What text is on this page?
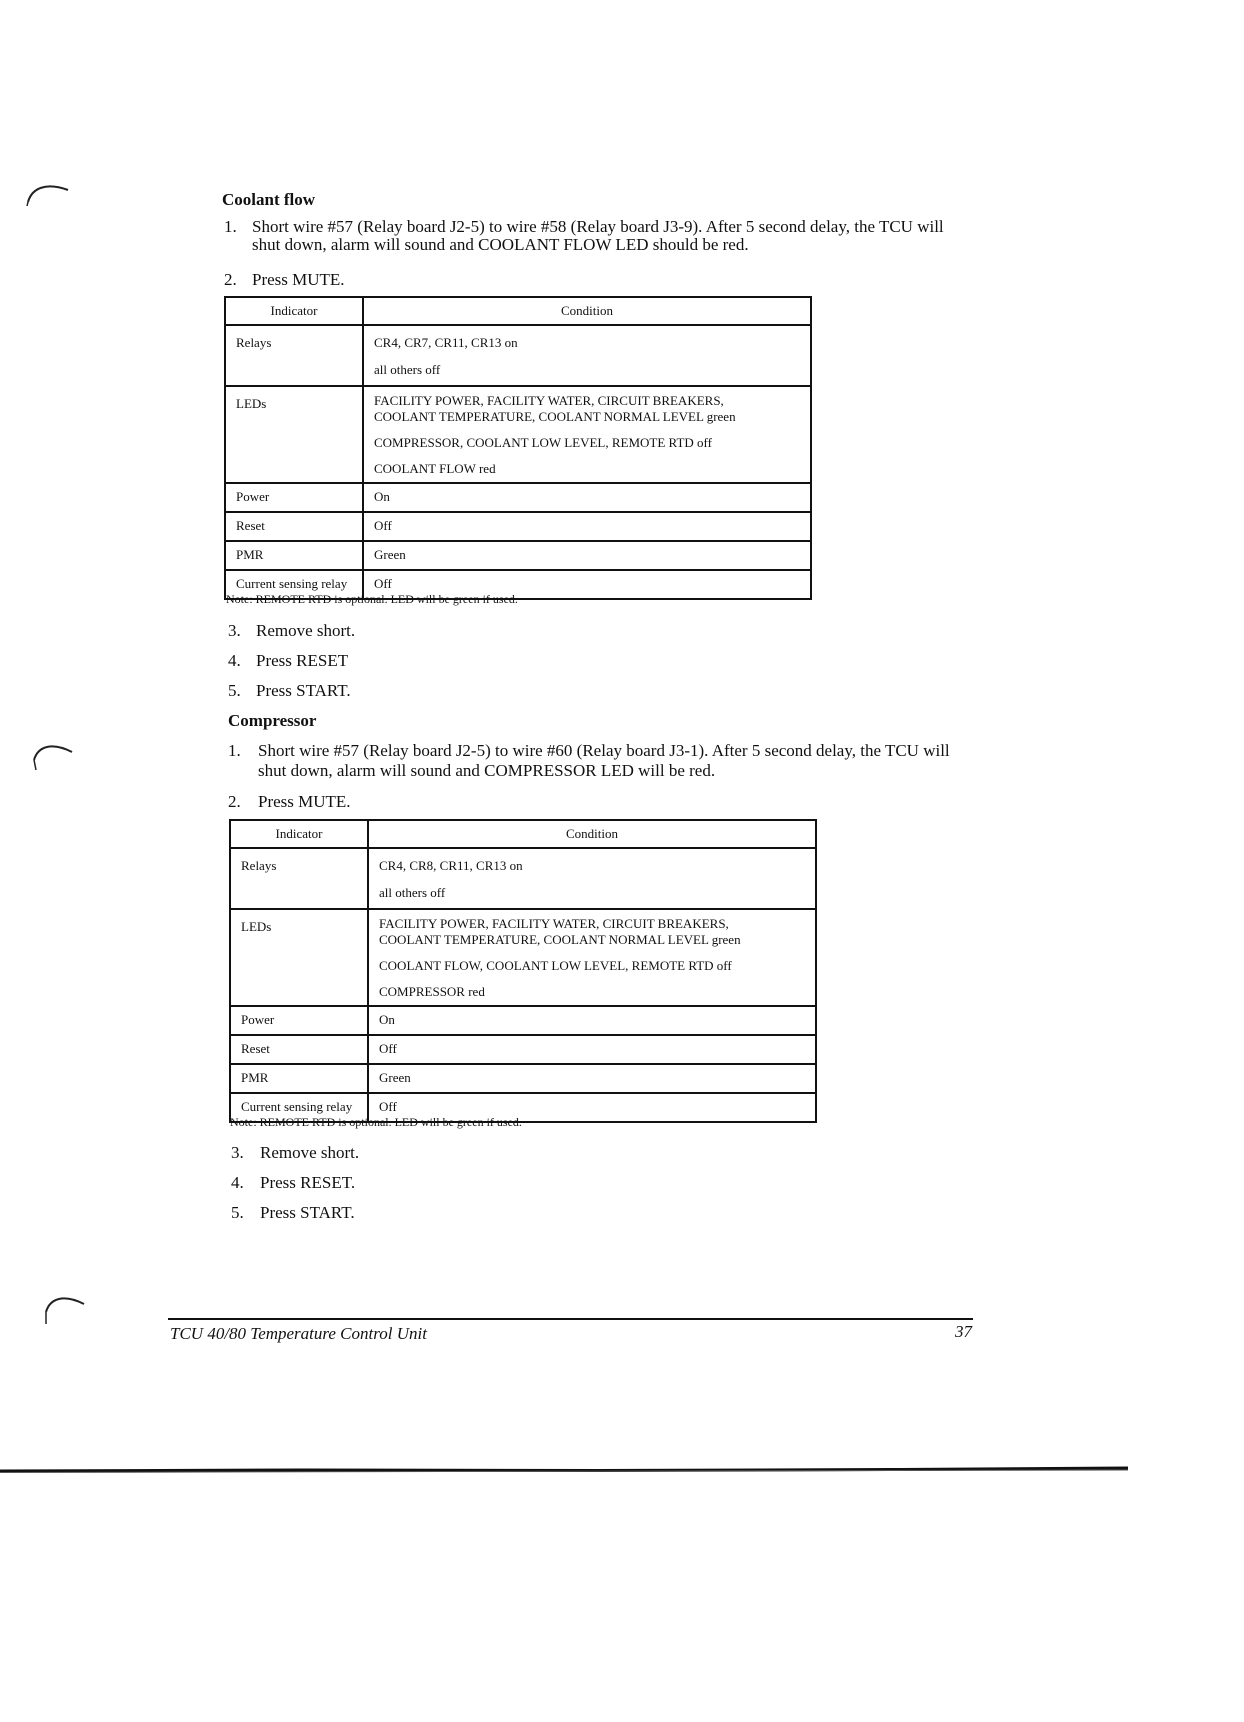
Coolant flow
1. Short wire #57 (Relay board J2-5) to wire #58 (Relay board J3-9). After 5 second delay, the TCU will
shut down, alarm will sound and COOLANT FLOW LED should be red.
2. Press MUTE.
Indicator	Condition
Relays	CR4, CR7, CR11, CR13 on
all others off

LEDs	FACILITY POWER, FACILITY WATER, CIRCUIT BREAKERS,
COOLANT TEMPERATURE, COOLANT NORMAL LEVEL green
COMPRESSOR, COOLANT LOW LEVEL, REMOTE RTD off
COOLANT FLOW red

Power	On
Reset	Off
PMR	Green
Current sensing relay	Off
Note: REMOTE RTD is optional. LED will be green if used.
3. Remove short.
4. Press RESET
5. Press START.
Compressor
1. Short wire #57 (Relay board J2-5) to wire #60 (Relay board J3-1). After 5 second delay, the TCU will
shut down, alarm will sound and COMPRESSOR LED will be red.
2. Press MUTE.
Indicator	Condition
Relays	CR4, CR8, CR11, CR13 on
all others off

LEDs	FACILITY POWER, FACILITY WATER, CIRCUIT BREAKERS,
COOLANT TEMPERATURE, COOLANT NORMAL LEVEL green
COOLANT FLOW, COOLANT LOW LEVEL, REMOTE RTD off
COMPRESSOR red

Power	On
Reset	Off
PMR	Green
Current sensing relay	Off
Note: REMOTE RTD is optional. LED will be green if used.
3. Remove short.
4. Press RESET.
5. Press START.
TCU 40/80 Temperature Control Unit	37
